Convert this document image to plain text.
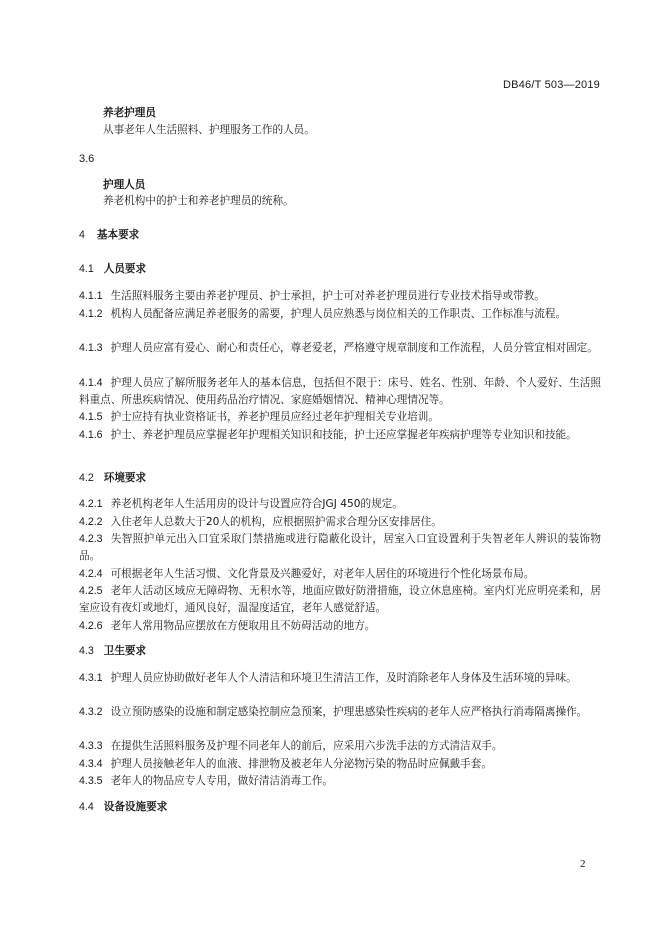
DB46/T 503—2019
养老护理员
从事老年人生活照料、护理服务工作的人员。
3.6
护理人员
养老机构中的护士和养老护理员的统称。
4 基本要求
4.1 人员要求
4.1.1 生活照料服务主要由养老护理员、护士承担，护士可对养老护理员进行专业技术指导或带教。
4.1.2 机构人员配备应满足养老服务的需要，护理人员应熟悉与岗位相关的工作职责、工作标准与流程。
4.1.3 护理人员应富有爱心、耐心和责任心，尊老爱老，严格遵守规章制度和工作流程，人员分管宜相对固定。
4.1.4 护理人员应了解所服务老年人的基本信息，包括但不限于：床号、姓名、性别、年龄、个人爱好、生活照料重点、所患疾病情况、使用药品治疗情况、家庭婚姻情况、精神心理情况等。
4.1.5 护士应持有执业资格证书，养老护理员应经过老年护理相关专业培训。
4.1.6 护士、养老护理员应掌握老年护理相关知识和技能，护士还应掌握老年疾病护理等专业知识和技能。
4.2 环境要求
4.2.1 养老机构老年人生活用房的设计与设置应符合JGJ 450的规定。
4.2.2 入住老年人总数大于20人的机构，应根据照护需求合理分区安排居住。
4.2.3 失智照护单元出入口宜采取门禁措施或进行隐蔽化设计，居室入口宜设置利于失智老年人辨识的装饰物品。
4.2.4 可根据老年人生活习惯、文化背景及兴趣爱好，对老年人居住的环境进行个性化场景布局。
4.2.5 老年人活动区域应无障碍物、无积水等，地面应做好防滑措施，设立休息座椅。室内灯光应明亮柔和，居室应设有夜灯或地灯，通风良好，温湿度适宜，老年人感觉舒适。
4.2.6 老年人常用物品应摆放在方便取用且不妨碍活动的地方。
4.3 卫生要求
4.3.1 护理人员应协助做好老年人个人清洁和环境卫生清洁工作，及时消除老年人身体及生活环境的异味。
4.3.2 设立预防感染的设施和制定感染控制应急预案，护理患感染性疾病的老年人应严格执行消毒隔离操作。
4.3.3 在提供生活照料服务及护理不同老年人的前后，应采用六步洗手法的方式清洁双手。
4.3.4 护理人员接触老年人的血液、排泄物及被老年人分泌物污染的物品时应佩戴手套。
4.3.5 老年人的物品应专人专用，做好清洁消毒工作。
4.4 设备设施要求
2
